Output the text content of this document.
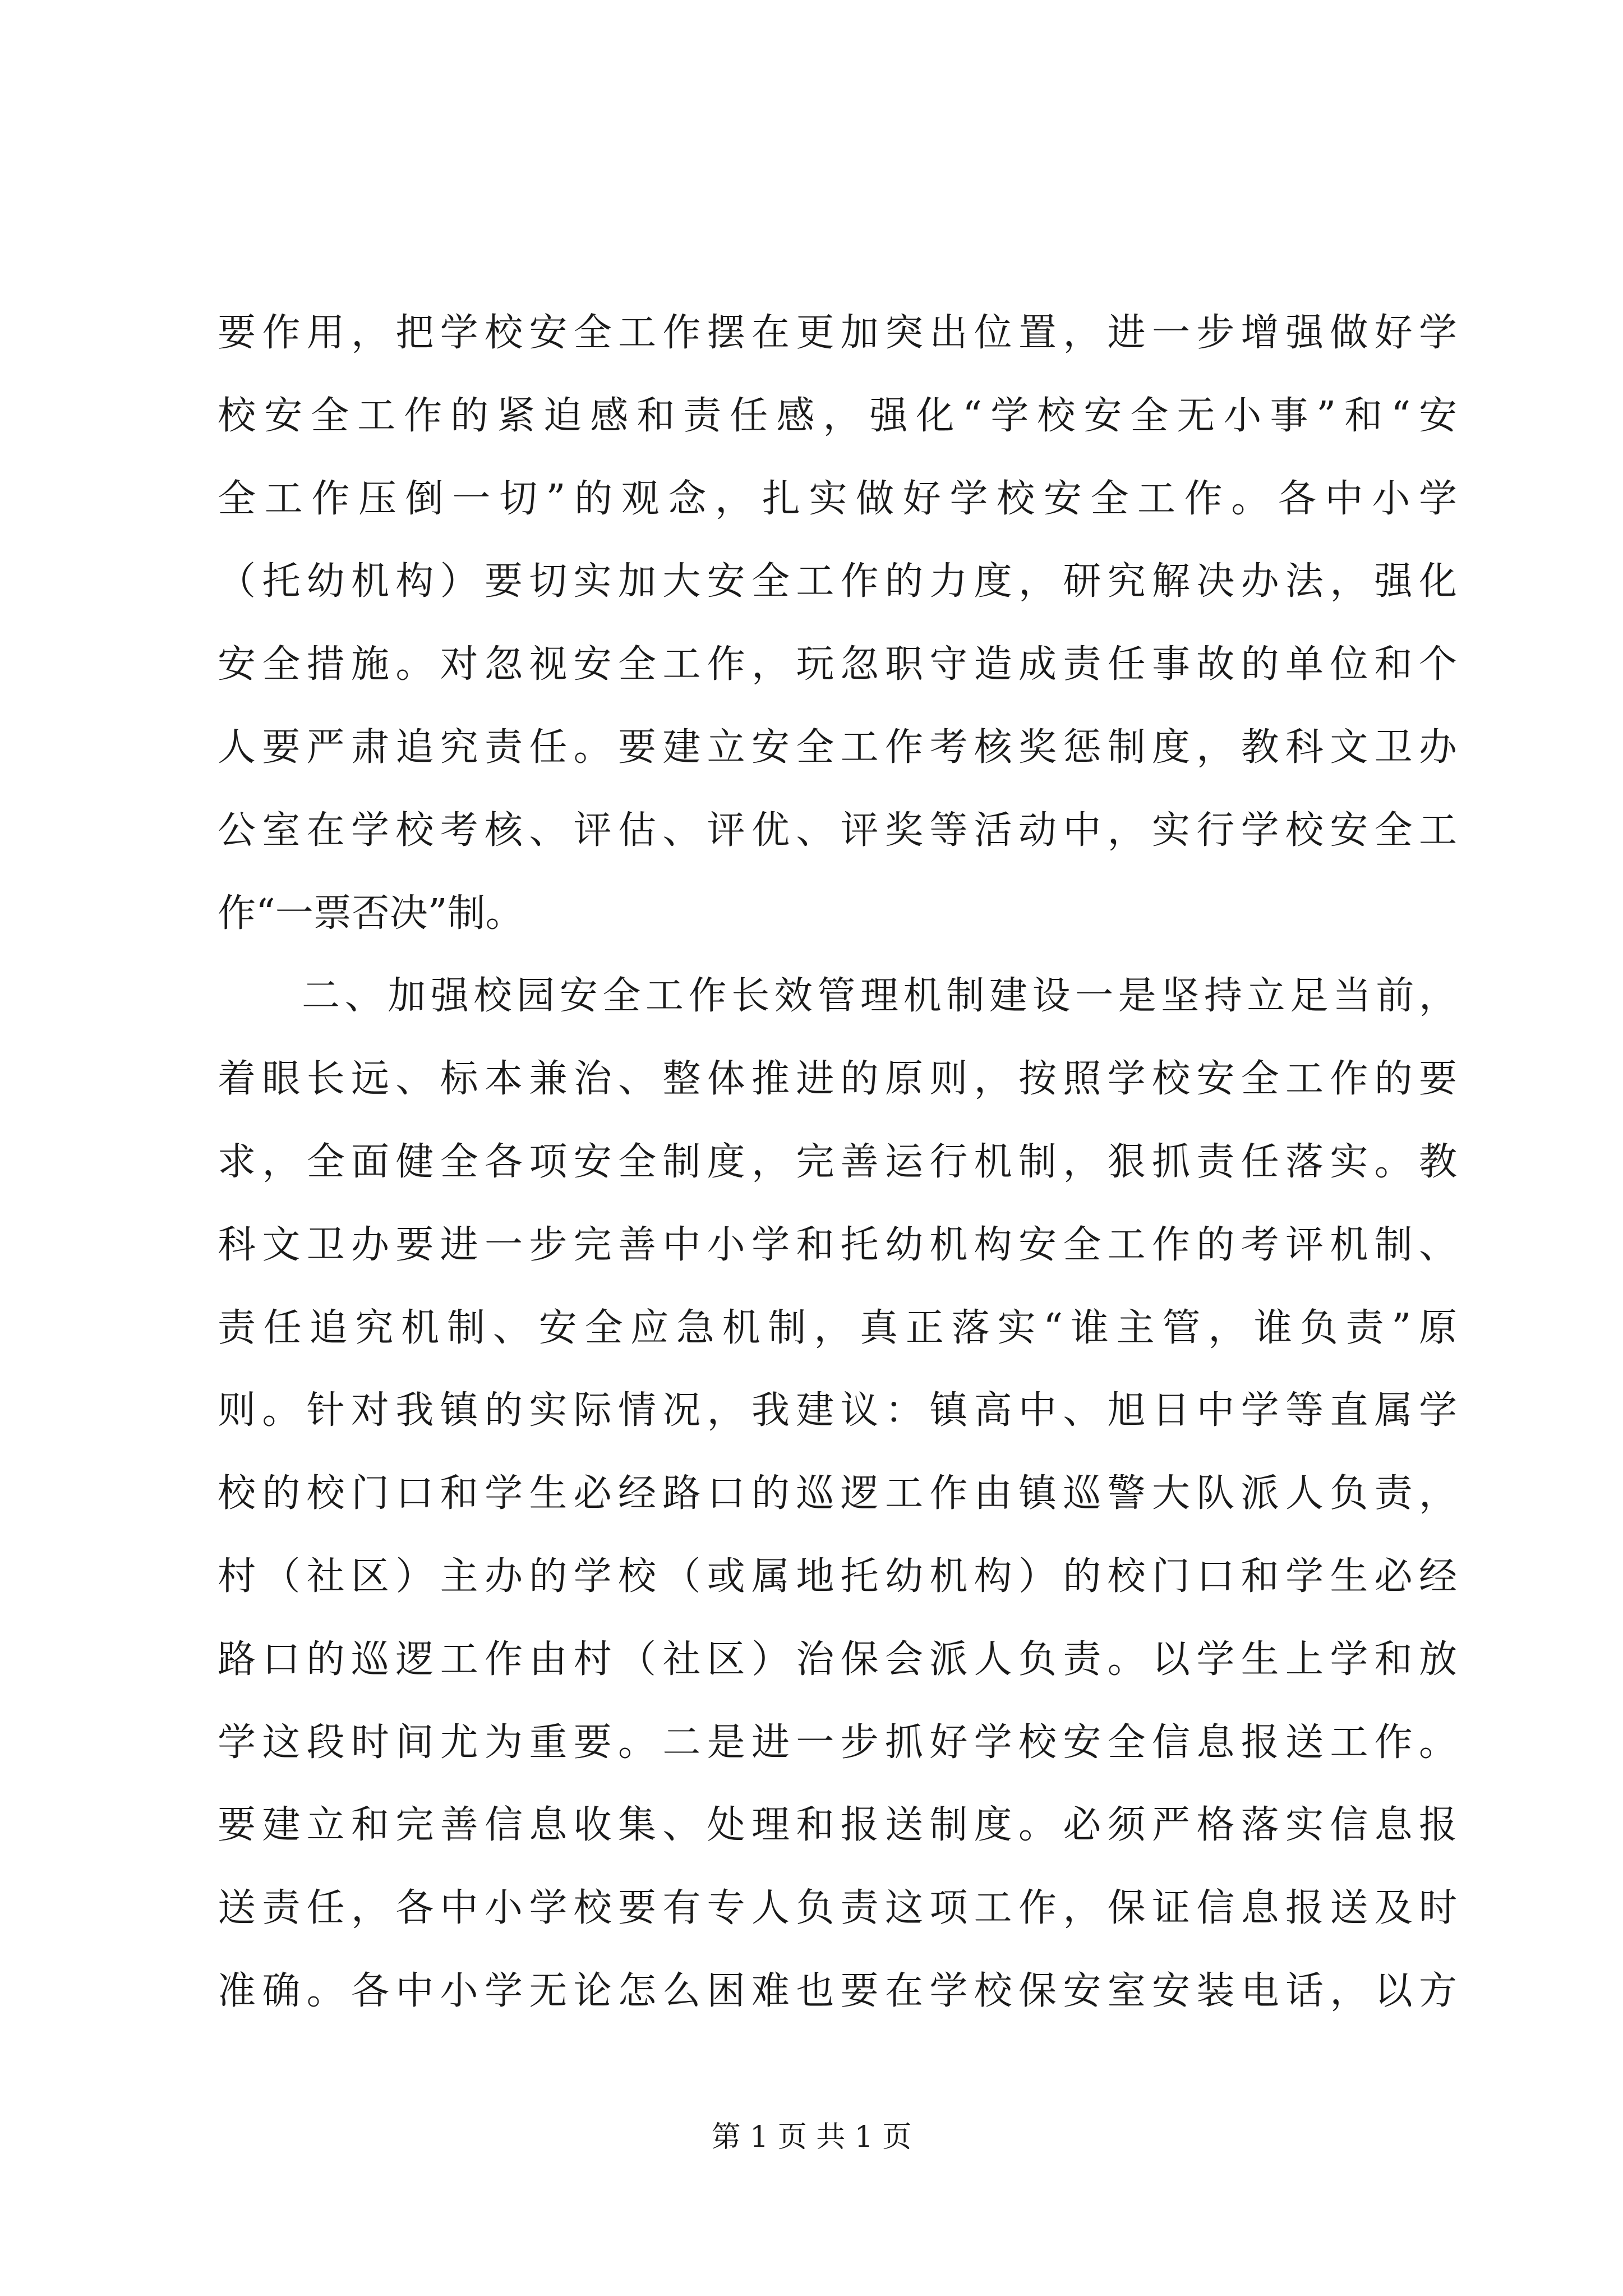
要作用，把学校安全工作摆在更加突出位置，进一步增强做好学
校安全工作的紧迫感和责任感，强化“学校安全无小事”和“安
全工作压倒一切”的观念，扎实做好学校安全工作。各中小学
（托幼机构）要切实加大安全工作的力度，研究解决办法，强化
安全措施。对忽视安全工作，玩忽职守造成责任事故的单位和个
人要严肃追究责任。要建立安全工作考核奖惩制度，教科文卫办
公室在学校考核、评估、评优、评奖等活动中，实行学校安全工
作“一票否决”制。
二、加强校园安全工作长效管理机制建设一是坚持立足当前，
着眼长远、标本兼治、整体推进的原则，按照学校安全工作的要
求，全面健全各项安全制度，完善运行机制，狠抓责任落实。教
科文卫办要进一步完善中小学和托幼机构安全工作的考评机制、
责任追究机制、安全应急机制，真正落实“谁主管，谁负责”原
则。针对我镇的实际情况，我建议：镇高中、旭日中学等直属学
校的校门口和学生必经路口的巡逻工作由镇巡警大队派人负责，
村（社区）主办的学校（或属地托幼机构）的校门口和学生必经
路口的巡逻工作由村（社区）治保会派人负责。以学生上学和放
学这段时间尤为重要。二是进一步抓好学校安全信息报送工作。
要建立和完善信息收集、处理和报送制度。必须严格落实信息报
送责任，各中小学校要有专人负责这项工作，保证信息报送及时
准确。各中小学无论怎么困难也要在学校保安室安装电话，以方
第 1 页 共 1 页
